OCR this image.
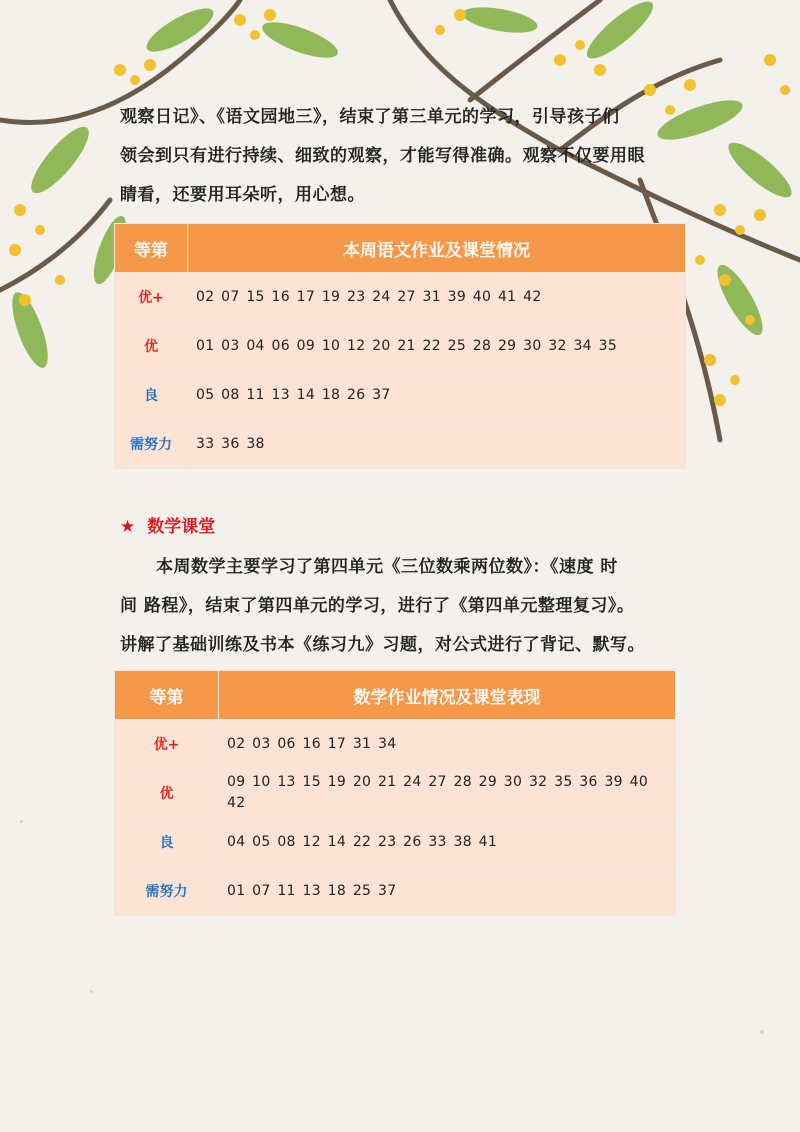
观察日记》、《语文园地三》，结束了第三单元的学习，引导孩子们

领会到只有进行持续、细致的观察，才能写得准确。观察不仅要用眼

睛看，还要用耳朵听，用心想。

等第	本周语文作业及课堂情况
优+	02 07 15 16 17 19 23 24 27 31 39 40 41 42
优	01 03 04 06 09 10 12 20 21 22 25 28 29 30 32 34 35
良	05 08 11 13 14 18 26 37
需努力	33 36 38
★ 数学课堂

本周数学主要学习了第四单元《三位数乘两位数》：《速度 时

间 路程》，结束了第四单元的学习，进行了《第四单元整理复习》。

讲解了基础训练及书本《练习九》习题，对公式进行了背记、默写。

等第	数学作业情况及课堂表现
优+	02 03 06 16 17 31 34
优	09 10 13 15 19 20 21 24 27 28 29 30 32 35 36 39 40 42
良	04 05 08 12 14 22 23 26 33 38 41
需努力	01 07 11 13 18 25 37
